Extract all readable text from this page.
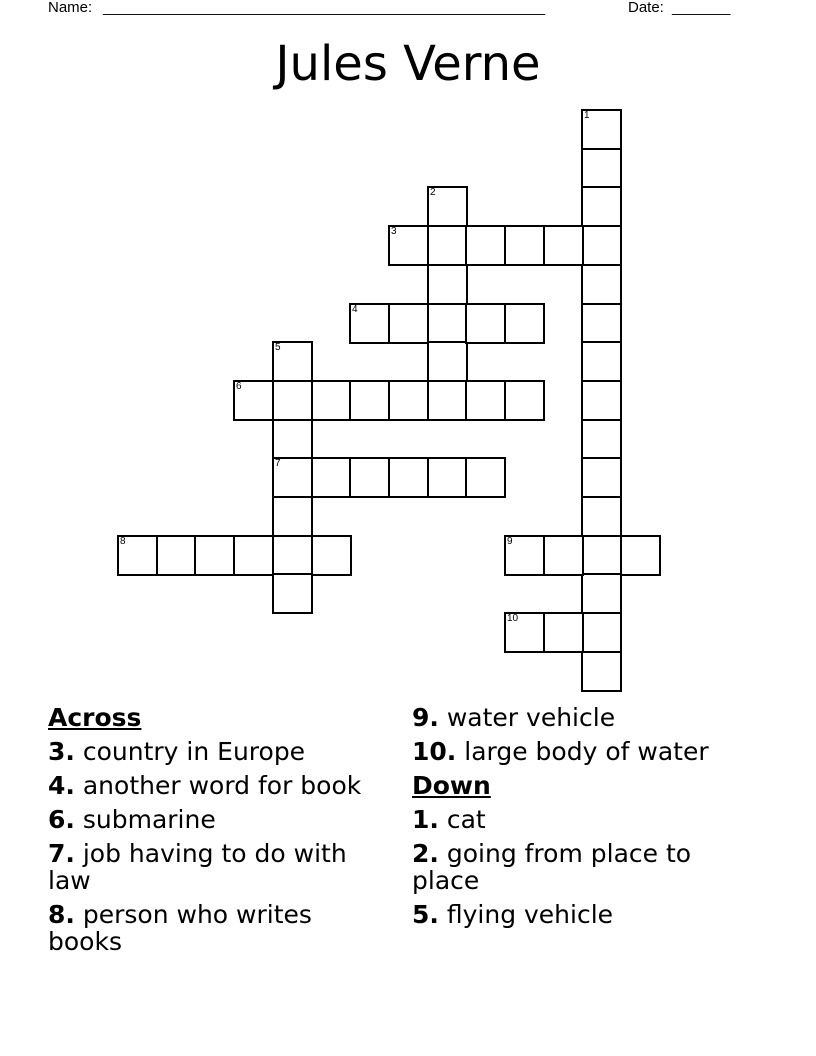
Name: _____________________________________________________	Date: _______
Jules Verne
1
2
3
4
5
7
6
8	9
10
Across
3. country in Europe
4. another word for book
6. submarine
7. job having to do with law
8. person who writes books
9. water vehicle
10. large body of water
Down
1. cat
2. going from place to place
5. flying vehicle
